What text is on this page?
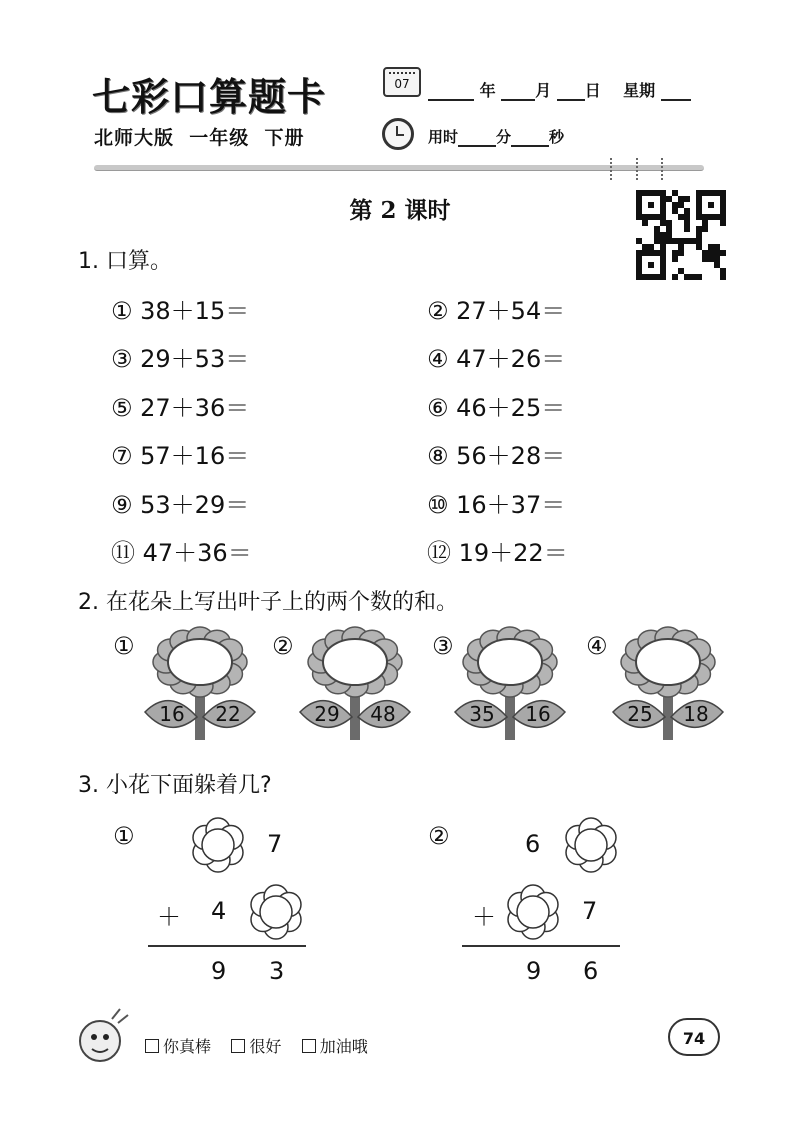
七彩口算题卡	07	年 月 日 星期
北师大版  一年级  下册	用时	分	秒
第 2 课时
1. 口算。
① 38＋15＝	② 27＋54＝
③ 29＋53＝	④ 47＋26＝
⑤ 27＋36＝	⑥ 46＋25＝
⑦ 57＋16＝	⑧ 56＋28＝
⑨ 53＋29＝	⑩ 16＋37＝
⑪ 47＋36＝	⑫ 19＋22＝
2. 在花朵上写出叶子上的两个数的和。
16 22	29 48	35 16	25 18
①	②	③	④
3. 小花下面躲着几?
①	7
＋ 4
9 3
②	6
＋	7
9 6
你真棒 很好 加油哦	74
